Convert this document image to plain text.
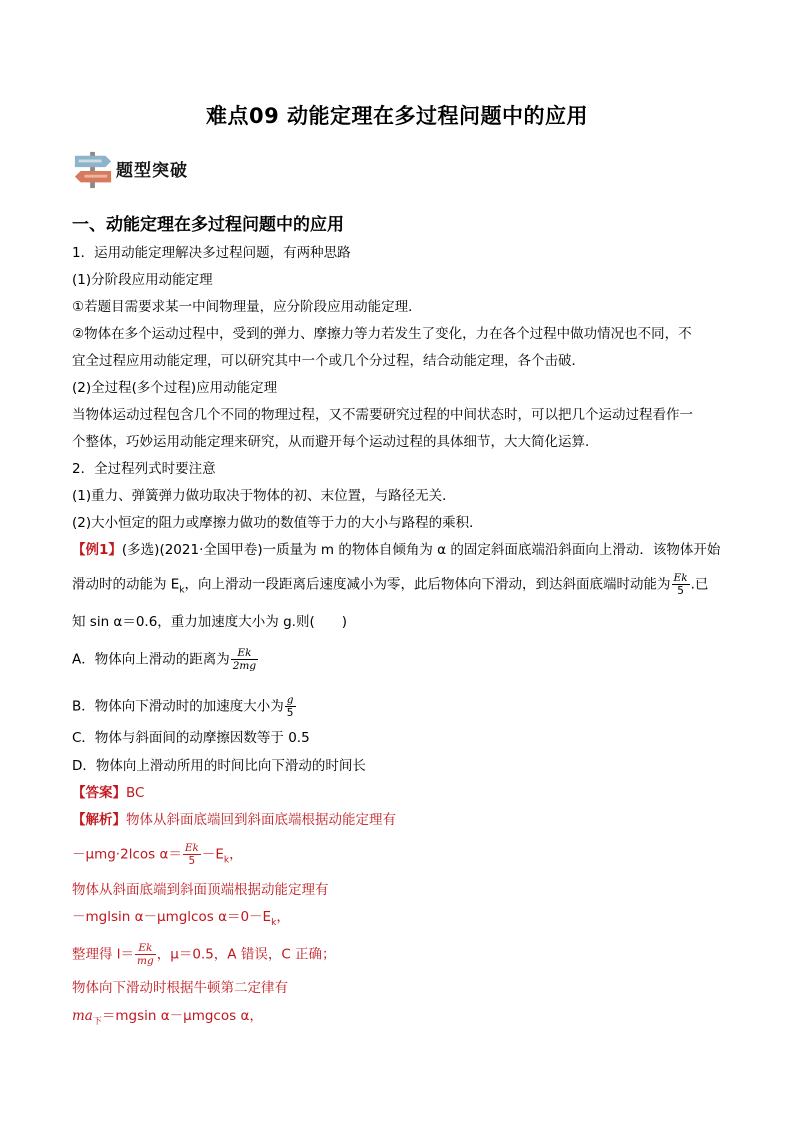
难点09 动能定理在多过程问题中的应用
题型突破
一、动能定理在多过程问题中的应用
1．运用动能定理解决多过程问题，有两种思路
(1)分阶段应用动能定理
①若题目需要求某一中间物理量，应分阶段应用动能定理．
②物体在多个运动过程中，受到的弹力、摩擦力等力若发生了变化，力在各个过程中做功情况也不同，不
宜全过程应用动能定理，可以研究其中一个或几个分过程，结合动能定理，各个击破．
(2)全过程(多个过程)应用动能定理
当物体运动过程包含几个不同的物理过程，又不需要研究过程的中间状态时，可以把几个运动过程看作一
个整体，巧妙运用动能定理来研究，从而避开每个运动过程的具体细节，大大简化运算．
2．全过程列式时要注意
(1)重力、弹簧弹力做功取决于物体的初、末位置，与路径无关．
(2)大小恒定的阻力或摩擦力做功的数值等于力的大小与路程的乘积．
【例1】(多选)(2021·全国甲卷)一质量为 m 的物体自倾角为 α 的固定斜面底端沿斜面向上滑动．该物体开始
滑动时的动能为 $E_k$，向上滑动一段距离后速度减小为零，此后物体向下滑动，到达斜面底端时动能为 $\frac{Ek}{5}$ .已
知 sin α＝0.6，重力加速度大小为 g.则(　　)
A．物体向上滑动的距离为 $\frac{Ek}{2mg}$
B．物体向下滑动时的加速度大小为 $\frac{g}{5}$
C．物体与斜面间的动摩擦因数等于 0.5
D．物体向上滑动所用的时间比向下滑动的时间长
【答案】BC
【解析】物体从斜面底端回到斜面底端根据动能定理有
－μmg·2lcos $\alpha= \frac{Ek}{5} -E_k$，
物体从斜面底端到斜面顶端根据动能定理有
－mglsin α－μmglcos $\alpha=0-E_k$，
整理得 $l= \frac{Ek}{mg}$ ，μ＝0.5，A 错误，C 正确；
物体向下滑动时根据牛顿第二定律有
$ma_下=mgsin$ α－μmgcos α，
